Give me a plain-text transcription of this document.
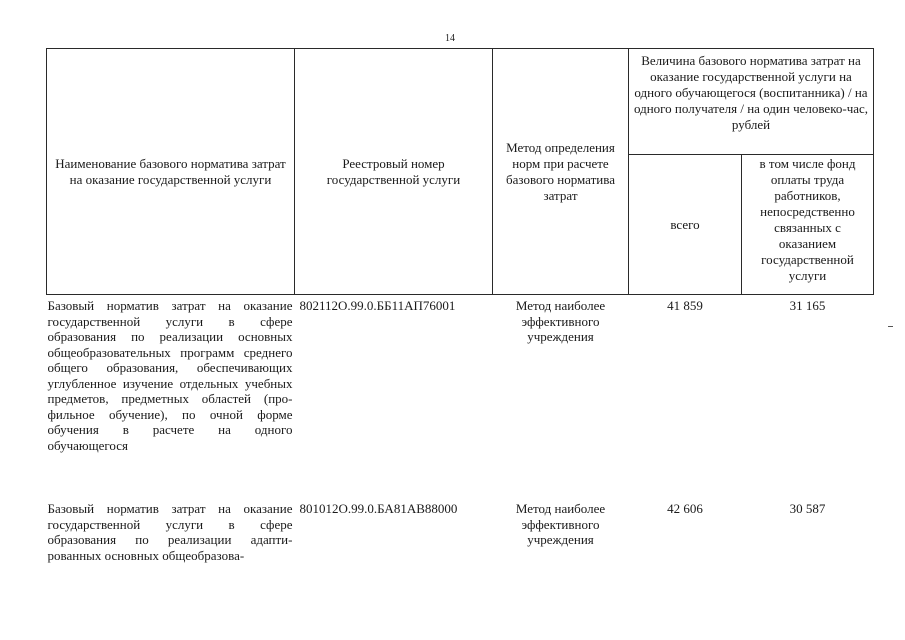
14
Наименование базового норматива затрат на оказание государственной услуги	Реестровый номер государственной услуги	Метод определения норм при расчете базового норматива затрат	Величина базового норматива затрат на оказание государственной услуги на одного обучающегося (воспитанника) / на одного получателя / на один человеко-час, рублей	
			всего	в том числе фонд оплаты труда работников, непосредственно связанных с оказанием государственной услуги
Базовый норматив затрат на оказание государственной услуги в сфере образования по реализации основных общеобразовательных программ среднего общего образования, обеспечивающих углубленное изучение отдельных учебных предметов, предметных областей (профильное обучение), по очной форме обучения в расчете на одного обучающегося	802112О.99.0.ББ11АП76001	Метод наиболее эффективного учреждения	41 859	31 165
Базовый норматив затрат на оказание государственной услуги в сфере образования по реализации адаптированных основных общеобразова-	801012О.99.0.БА81АВ88000	Метод наиболее эффективного учреждения	42 606	30 587
